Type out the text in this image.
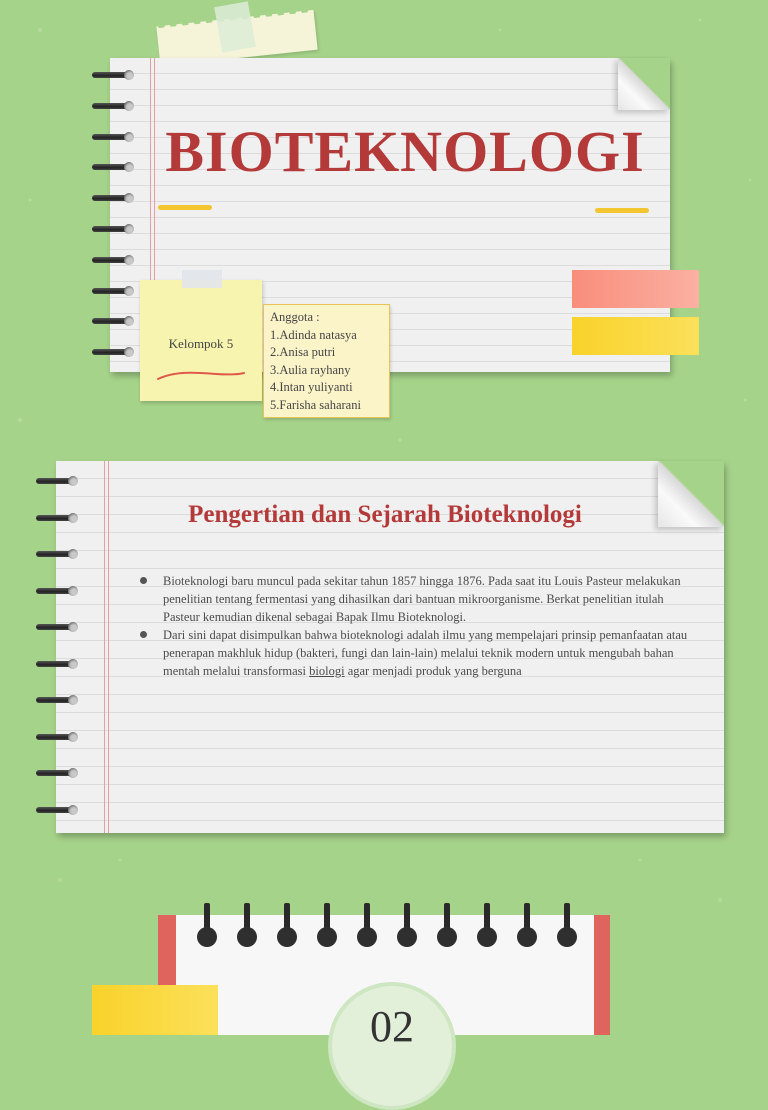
BIOTEKNOLOGI
Kelompok 5
Anggota :
1.Adinda natasya
2.Anisa putri
3.Aulia rayhany
4.Intan yuliyanti
5.Farisha saharani
Pengertian dan Sejarah Bioteknologi
Bioteknologi baru muncul pada sekitar tahun 1857 hingga 1876. Pada saat itu Louis Pasteur melakukan penelitian tentang fermentasi yang dihasilkan dari bantuan mikroorganisme. Berkat penelitian itulah Pasteur kemudian dikenal sebagai Bapak Ilmu Bioteknologi.
Dari sini dapat disimpulkan bahwa bioteknologi adalah ilmu yang mempelajari prinsip pemanfaatan atau penerapan makhluk hidup (bakteri, fungi dan lain-lain) melalui teknik modern untuk mengubah bahan mentah melalui transformasi biologi agar menjadi produk yang berguna
02
